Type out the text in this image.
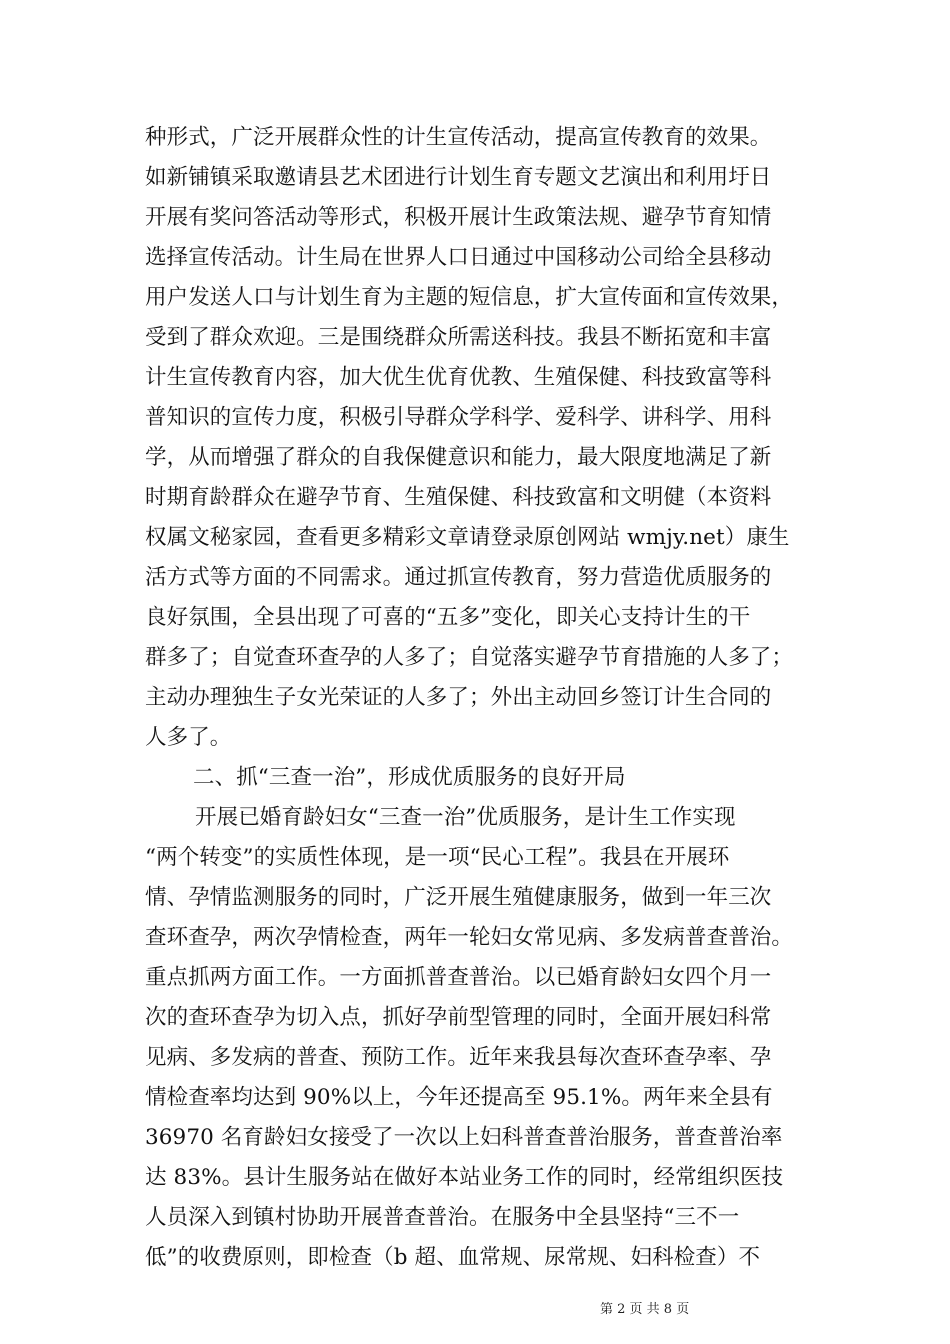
种形式，广泛开展群众性的计生宣传活动，提高宣传教育的效果。
如新铺镇采取邀请县艺术团进行计划生育专题文艺演出和利用圩日
开展有奖问答活动等形式，积极开展计生政策法规、避孕节育知情
选择宣传活动。计生局在世界人口日通过中国移动公司给全县移动
用户发送人口与计划生育为主题的短信息，扩大宣传面和宣传效果，
受到了群众欢迎。三是围绕群众所需送科技。我县不断拓宽和丰富
计生宣传教育内容，加大优生优育优教、生殖保健、科技致富等科
普知识的宣传力度，积极引导群众学科学、爱科学、讲科学、用科
学，从而增强了群众的自我保健意识和能力，最大限度地满足了新
时期育龄群众在避孕节育、生殖保健、科技致富和文明健（本资料
权属文秘家园，查看更多精彩文章请登录原创网站 wmjy.net）康生
活方式等方面的不同需求。通过抓宣传教育，努力营造优质服务的
良好氛围，全县出现了可喜的“五多”变化，即关心支持计生的干
群多了；自觉查环查孕的人多了；自觉落实避孕节育措施的人多了；
主动办理独生子女光荣证的人多了；外出主动回乡签订计生合同的
人多了。
二、抓“三查一治”，形成优质服务的良好开局
开展已婚育龄妇女“三查一治”优质服务，是计生工作实现
“两个转变”的实质性体现，是一项“民心工程”。我县在开展环
情、孕情监测服务的同时，广泛开展生殖健康服务，做到一年三次
查环查孕，两次孕情检查，两年一轮妇女常见病、多发病普查普治。
重点抓两方面工作。一方面抓普查普治。以已婚育龄妇女四个月一
次的查环查孕为切入点，抓好孕前型管理的同时，全面开展妇科常
见病、多发病的普查、预防工作。近年来我县每次查环查孕率、孕
情检查率均达到 90%以上，今年还提高至 95.1%。两年来全县有
36970 名育龄妇女接受了一次以上妇科普查普治服务，普查普治率
达 83%。县计生服务站在做好本站业务工作的同时，经常组织医技
人员深入到镇村协助开展普查普治。在服务中全县坚持“三不一
低”的收费原则，即检查（b 超、血常规、尿常规、妇科检查）不
第 2 页 共 8 页
